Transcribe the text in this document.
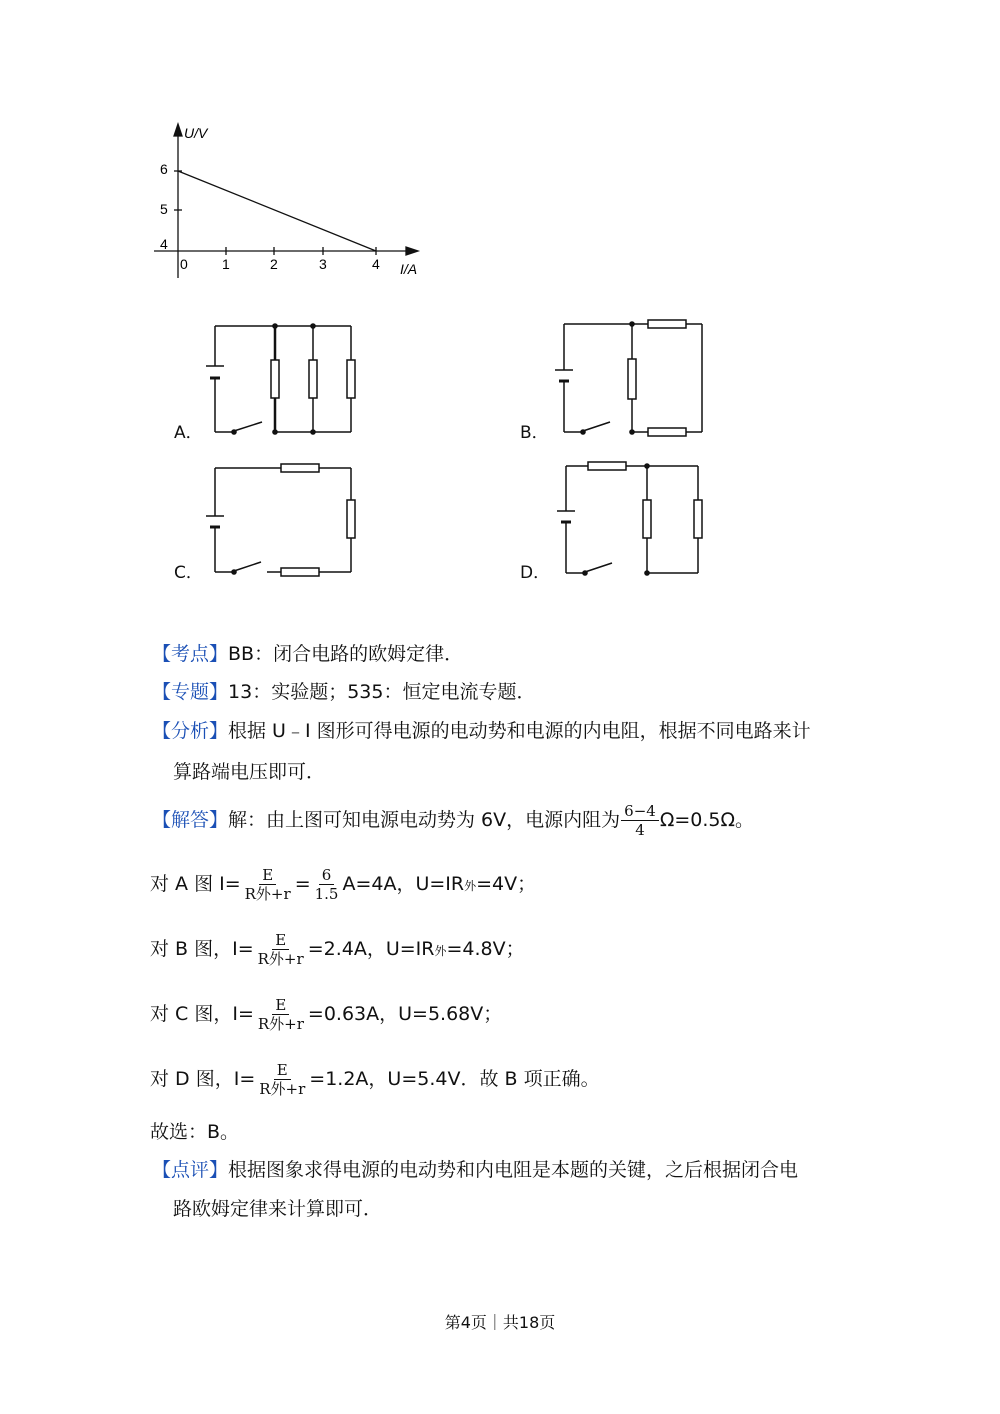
U/V
I/A
6
5
4
0 1	2	3	4
A．	B．
C．	D．
【考点】BB：闭合电路的欧姆定律．
【专题】13：实验题；535：恒定电流专题．
【分析】根据 U﹣I 图形可得电源的电动势和电源的内电阻，根据不同电路来计
算路端电压即可．
【解答】解：由上图可知电源电动势为 6V，电源内阻为 $\frac{6-4}{4} \Omega=0.5\Omega$。
对 A 图 $I= \frac{E}{\text{R外+r}} = \frac{6}{1.5} A=4A$，U=IR外=4V；
对 B 图，$I= \frac{E}{\text{R外+r}} =2.4A$，U=IR外=4.8V；
对 C 图，$I= \frac{E}{\text{R外+r}} =0.63A$，U=5.68V；
对 D 图，$I= \frac{E}{\text{R外+r}} =1.2A$，U=5.4V．故 B 项正确。
故选：B。
【点评】根据图象求得电源的电动势和内电阻是本题的关键，之后根据闭合电
路欧姆定律来计算即可．
第4页｜共18页
